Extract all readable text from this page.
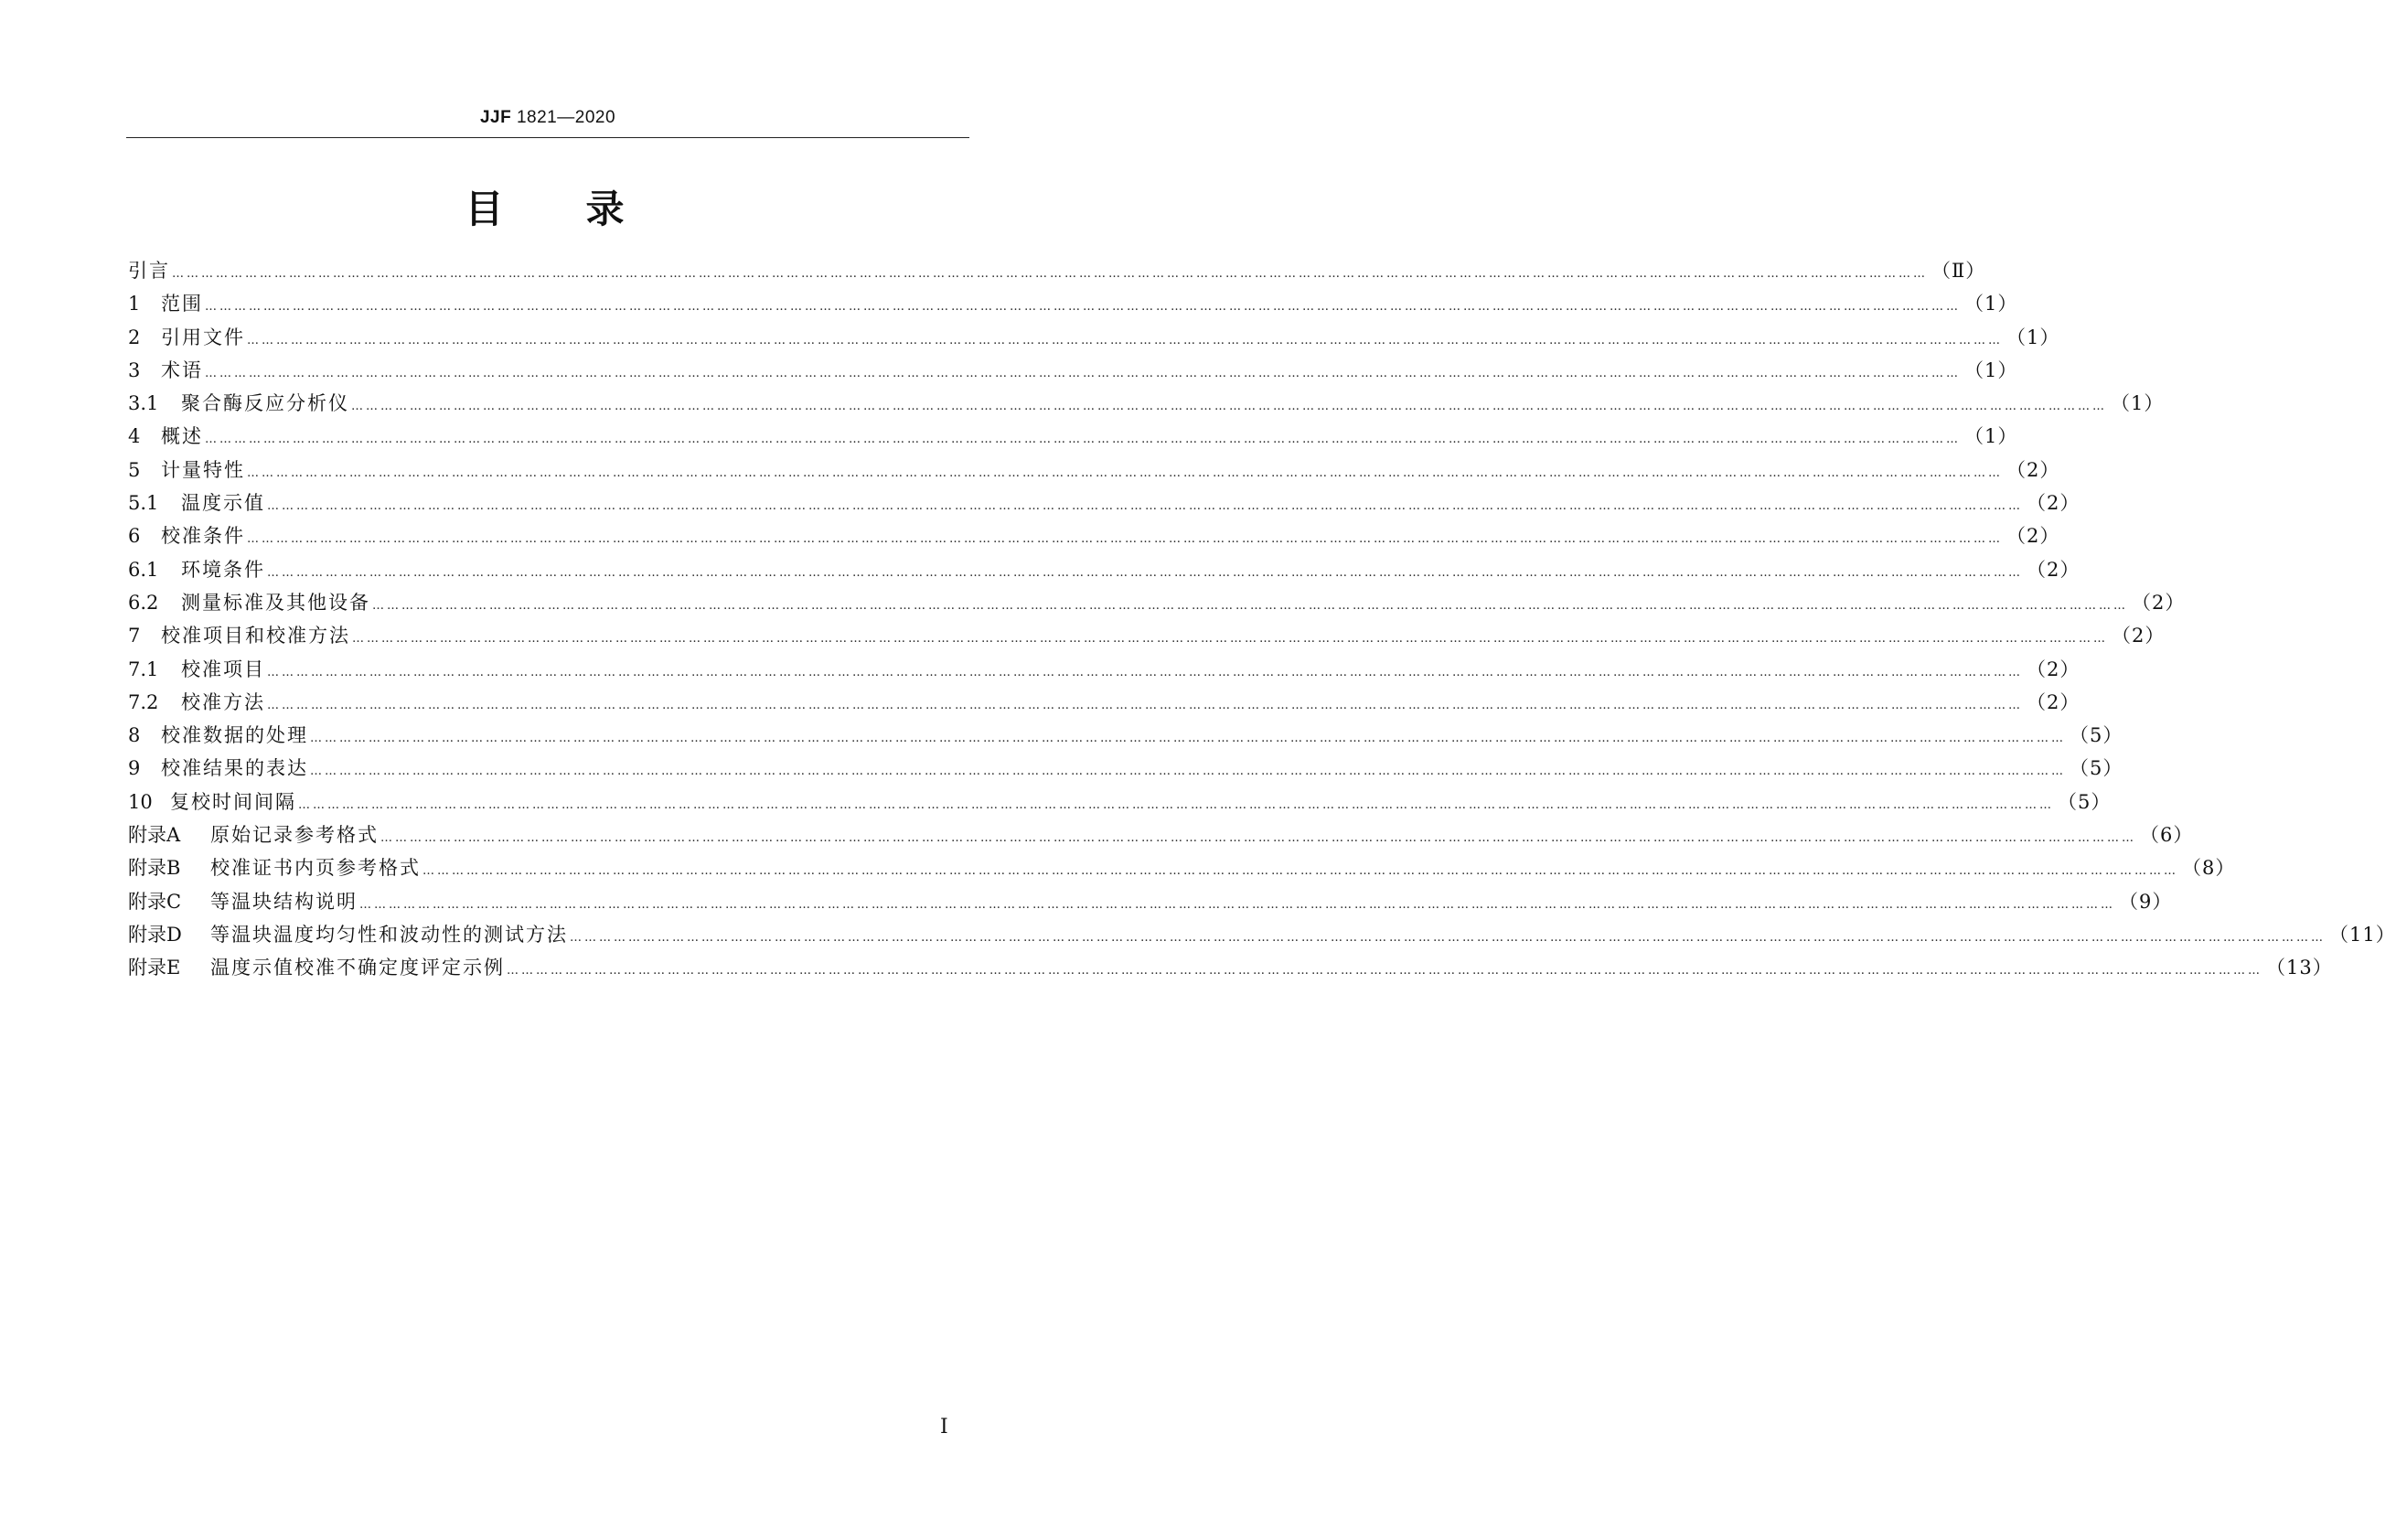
JJF 1821—2020
目录
引言 ……………………………………………………………………………………………………………………………………………………………………………………………………………………………………………………………………………………………………………………………… （Ⅱ）
1	范围 ……………………………………………………………………………………………………………………………………………………………………………………………………………………………………………………………………………………………………………………………… （1）
2	引用文件 ……………………………………………………………………………………………………………………………………………………………………………………………………………………………………………………………………………………………………………………………… （1）
3	术语 ……………………………………………………………………………………………………………………………………………………………………………………………………………………………………………………………………………………………………………………………… （1）
3.1	聚合酶反应分析仪 ……………………………………………………………………………………………………………………………………………………………………………………………………………………………………………………………………………………………………………………………… （1）
4	概述 ……………………………………………………………………………………………………………………………………………………………………………………………………………………………………………………………………………………………………………………………… （1）
5	计量特性 ……………………………………………………………………………………………………………………………………………………………………………………………………………………………………………………………………………………………………………………………… （2）
5.1	温度示值 ……………………………………………………………………………………………………………………………………………………………………………………………………………………………………………………………………………………………………………………………… （2）
6	校准条件 ……………………………………………………………………………………………………………………………………………………………………………………………………………………………………………………………………………………………………………………………… （2）
6.1	环境条件 ……………………………………………………………………………………………………………………………………………………………………………………………………………………………………………………………………………………………………………………………… （2）
6.2	测量标准及其他设备 ……………………………………………………………………………………………………………………………………………………………………………………………………………………………………………………………………………………………………………………………… （2）
7	校准项目和校准方法 ……………………………………………………………………………………………………………………………………………………………………………………………………………………………………………………………………………………………………………………………… （2）
7.1	校准项目 ……………………………………………………………………………………………………………………………………………………………………………………………………………………………………………………………………………………………………………………………… （2）
7.2	校准方法 ……………………………………………………………………………………………………………………………………………………………………………………………………………………………………………………………………………………………………………………………… （2）
8	校准数据的处理 ……………………………………………………………………………………………………………………………………………………………………………………………………………………………………………………………………………………………………………………………… （5）
9	校准结果的表达 ……………………………………………………………………………………………………………………………………………………………………………………………………………………………………………………………………………………………………………………………… （5）
10 复校时间间隔 ……………………………………………………………………………………………………………………………………………………………………………………………………………………………………………………………………………………………………………………………… （5）
附录A	原始记录参考格式 ……………………………………………………………………………………………………………………………………………………………………………………………………………………………………………………………………………………………………………………………… （6）
附录B	校准证书内页参考格式 ……………………………………………………………………………………………………………………………………………………………………………………………………………………………………………………………………………………………………………………………… （8）
附录C	等温块结构说明 ……………………………………………………………………………………………………………………………………………………………………………………………………………………………………………………………………………………………………………………………… （9）
附录D	等温块温度均匀性和波动性的测试方法 ……………………………………………………………………………………………………………………………………………………………………………………………………………………………………………………………………………………………………………………………… （11）
附录E	温度示值校准不确定度评定示例 ……………………………………………………………………………………………………………………………………………………………………………………………………………………………………………………………………………………………………………………………… （13）
Ⅰ
